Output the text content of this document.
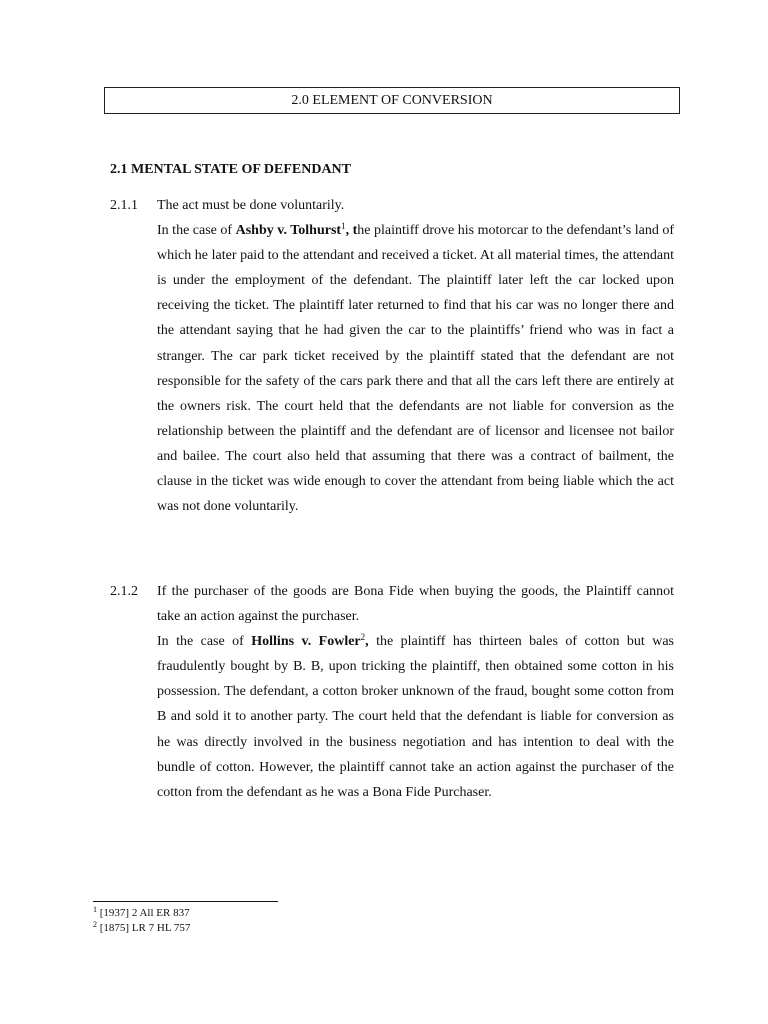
2.0 ELEMENT OF CONVERSION
2.1 MENTAL STATE OF DEFENDANT
2.1.1 The act must be done voluntarily.

In the case of Ashby v. Tolhurst$^1$, the plaintiff drove his motorcar to the defendant’s land of which he later paid to the attendant and received a ticket. At all material times, the attendant is under the employment of the defendant. The plaintiff later left the car locked upon receiving the ticket. The plaintiff later returned to find that his car was no longer there and the attendant saying that he had given the car to the plaintiffs’ friend who was in fact a stranger. The car park ticket received by the plaintiff stated that the defendant are not responsible for the safety of the cars park there and that all the cars left there are entirely at the owners risk. The court held that the defendants are not liable for conversion as the relationship between the plaintiff and the defendant are of licensor and licensee not bailor and bailee. The court also held that assuming that there was a contract of bailment, the clause in the ticket was wide enough to cover the attendant from being liable which the act was not done voluntarily.

2.1.2 If the purchaser of the goods are Bona Fide when buying the goods, the Plaintiff cannot take an action against the purchaser.

In the case of Hollins v. Fowler$^2$, the plaintiff has thirteen bales of cotton but was fraudulently bought by B. B, upon tricking the plaintiff, then obtained some cotton in his possession. The defendant, a cotton broker unknown of the fraud, bought some cotton from B and sold it to another party. The court held that the defendant is liable for conversion as he was directly involved in the business negotiation and has intention to deal with the bundle of cotton. However, the plaintiff cannot take an action against the purchaser of the cotton from the defendant as he was a Bona Fide Purchaser.

$^1$ [1937] 2 All ER 837
$^2$ [1875] LR 7 HL 757
